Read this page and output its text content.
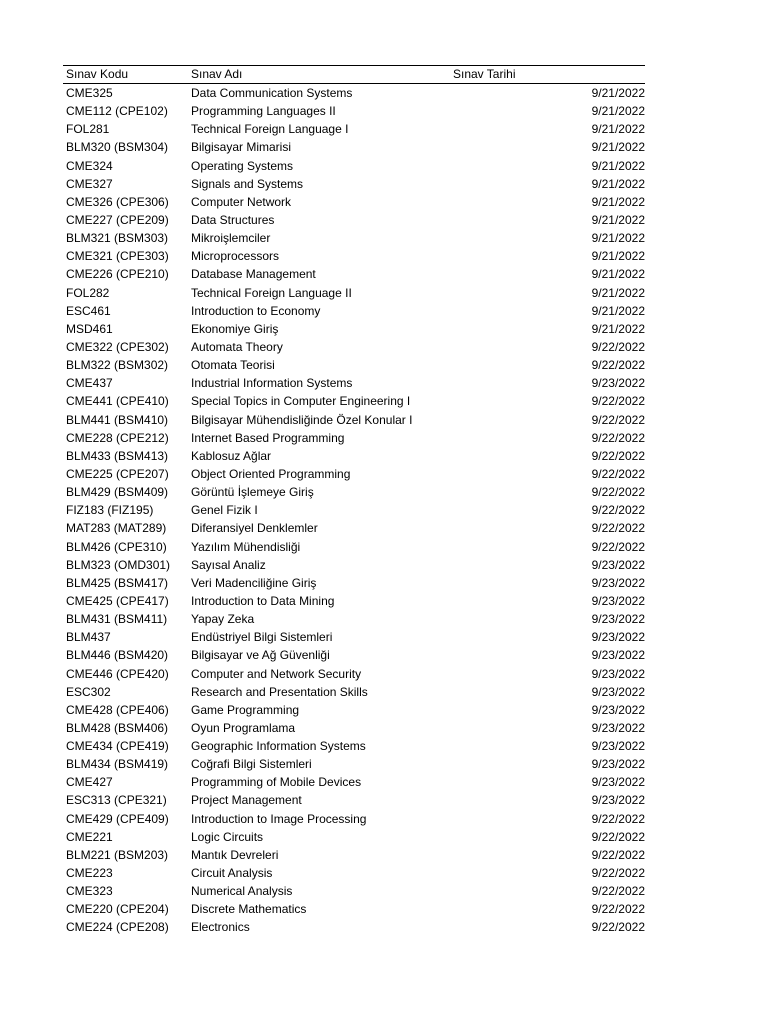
Sınav Kodu	Sınav Adı	Sınav Tarihi
CME325	Data Communication Systems	9/21/2022
CME112 (CPE102)	Programming Languages II	9/21/2022
FOL281	Technical Foreign Language I	9/21/2022
BLM320 (BSM304)	Bilgisayar Mimarisi	9/21/2022
CME324	Operating Systems	9/21/2022
CME327	Signals and Systems	9/21/2022
CME326 (CPE306)	Computer Network	9/21/2022
CME227 (CPE209)	Data Structures	9/21/2022
BLM321 (BSM303)	Mikroişlemciler	9/21/2022
CME321 (CPE303)	Microprocessors	9/21/2022
CME226 (CPE210)	Database Management	9/21/2022
FOL282	Technical Foreign Language II	9/21/2022
ESC461	Introduction to Economy	9/21/2022
MSD461	Ekonomiye Giriş	9/21/2022
CME322 (CPE302)	Automata Theory	9/22/2022
BLM322 (BSM302)	Otomata Teorisi	9/22/2022
CME437	Industrial Information Systems	9/23/2022
CME441 (CPE410)	Special Topics in Computer Engineering I	9/22/2022
BLM441 (BSM410)	Bilgisayar Mühendisliğinde Özel Konular I	9/22/2022
CME228 (CPE212)	Internet Based Programming	9/22/2022
BLM433 (BSM413)	Kablosuz Ağlar	9/22/2022
CME225 (CPE207)	Object Oriented Programming	9/22/2022
BLM429 (BSM409)	Görüntü İşlemeye Giriş	9/22/2022
FIZ183 (FIZ195)	Genel Fizik I	9/22/2022
MAT283 (MAT289)	Diferansiyel Denklemler	9/22/2022
BLM426 (CPE310)	Yazılım Mühendisliği	9/22/2022
BLM323 (OMD301)	Sayısal Analiz	9/23/2022
BLM425 (BSM417)	Veri Madenciliğine Giriş	9/23/2022
CME425 (CPE417)	Introduction to Data Mining	9/23/2022
BLM431 (BSM411)	Yapay Zeka	9/23/2022
BLM437	Endüstriyel Bilgi Sistemleri	9/23/2022
BLM446 (BSM420)	Bilgisayar ve Ağ Güvenliği	9/23/2022
CME446 (CPE420)	Computer and Network Security	9/23/2022
ESC302	Research and Presentation Skills	9/23/2022
CME428 (CPE406)	Game Programming	9/23/2022
BLM428 (BSM406)	Oyun Programlama	9/23/2022
CME434 (CPE419)	Geographic Information Systems	9/23/2022
BLM434 (BSM419)	Coğrafi Bilgi Sistemleri	9/23/2022
CME427	Programming of Mobile Devices	9/23/2022
ESC313 (CPE321)	Project Management	9/23/2022
CME429 (CPE409)	Introduction to Image Processing	9/22/2022
CME221	Logic Circuits	9/22/2022
BLM221 (BSM203)	Mantık Devreleri	9/22/2022
CME223	Circuit Analysis	9/22/2022
CME323	Numerical Analysis	9/22/2022
CME220 (CPE204)	Discrete Mathematics	9/22/2022
CME224 (CPE208)	Electronics	9/22/2022
